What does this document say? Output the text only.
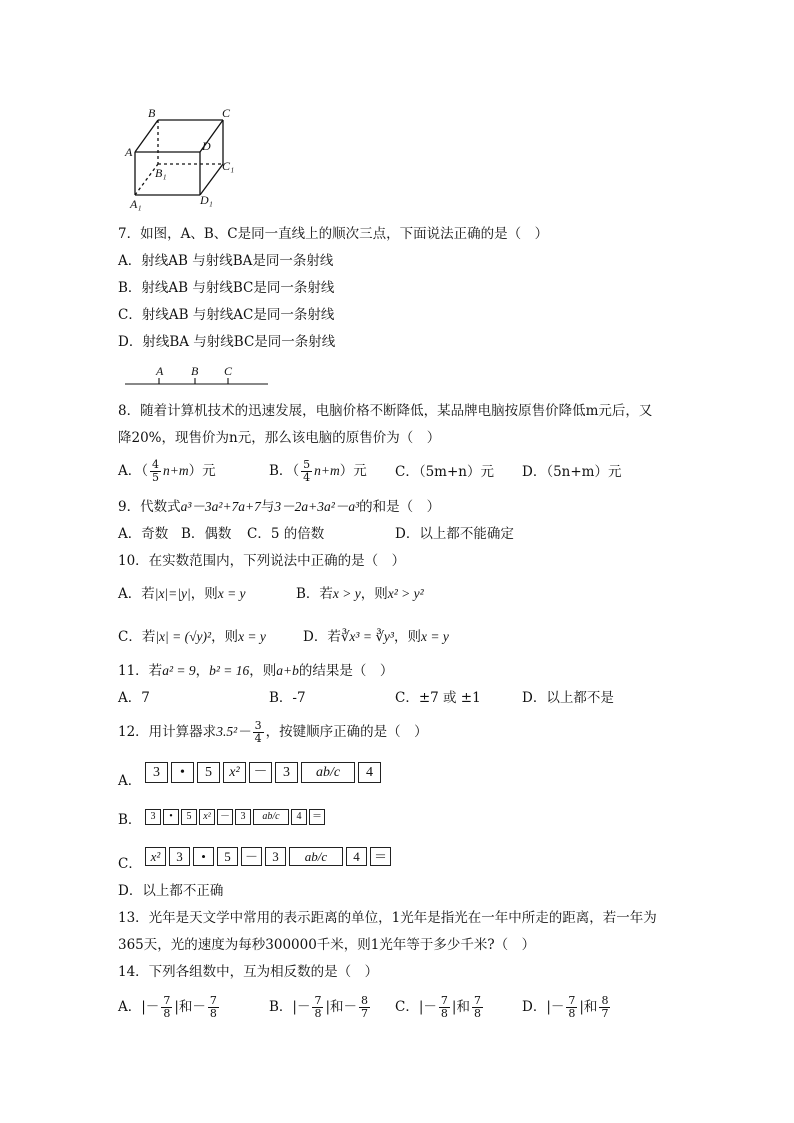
B	C
A	D
C₁
B₁
A₁	D₁
7．如图，A、B、C是同一直线上的顺次三点，下面说法正确的是（　）
A．射线AB 与射线BA是同一条射线
B．射线AB 与射线BC是同一条射线
C．射线AB 与射线AC是同一条射线
D．射线BA 与射线BC是同一条射线
A B C
8．随着计算机技术的迅速发展，电脑价格不断降低，某品牌电脑按原售价降低m元后，又
降20%，现售价为n元，那么该电脑的原售价为（　）
A．（ $\frac{4}{5} n+m$）元	B．（ $\frac{5}{4} n+m$）元 C．（5m+n）元 D．（5n+m）元
9．代数式a³－3a²+7a+7与3－2a+3a²－a³的和是（　）
A．奇数 B．偶数 C．5 的倍数	D．以上都不能确定
10．在实数范围内，下列说法中正确的是（　）
A．若|x|=|y|，则x = y	B．若x > y，则x² > y²
C．若|x| = (√y)²，则x = y	D．若∛x³ = ∛y³，则x = y
11．若a² = 9，b² = 16，则a+b的结果是（　）
A．7	B．-7	C．±7 或 ±1	D．以上都不是
12．用计算器求$3.5^2- \frac{3}{4}$ ，按键顺序正确的是（　）
A．
3 •	5 x² － 3 ab/c 4
B． 3 •	5 x² － 3 ab/c 4 ＝
C． x² 3 •	5 － 3 ab/c 4 ＝
D．以上都不正确
13．光年是天文学中常用的表示距离的单位，1光年是指光在一年中所走的距离，若一年为
365天，光的速度为每秒300000千米，则1光年等于多少千米?（　）
14．下列各组数中，互为相反数的是（　）
A．|－ $\frac{7}{8}$ |和－ $\frac{7}{8}$	B．|－ $\frac{7}{8}$ |和－ $\frac{8}{7}$ C．|－ $\frac{7}{8}$ |和 $\frac{7}{8}$	D．|－ $\frac{7}{8}$ |和 $\frac{8}{7}$
